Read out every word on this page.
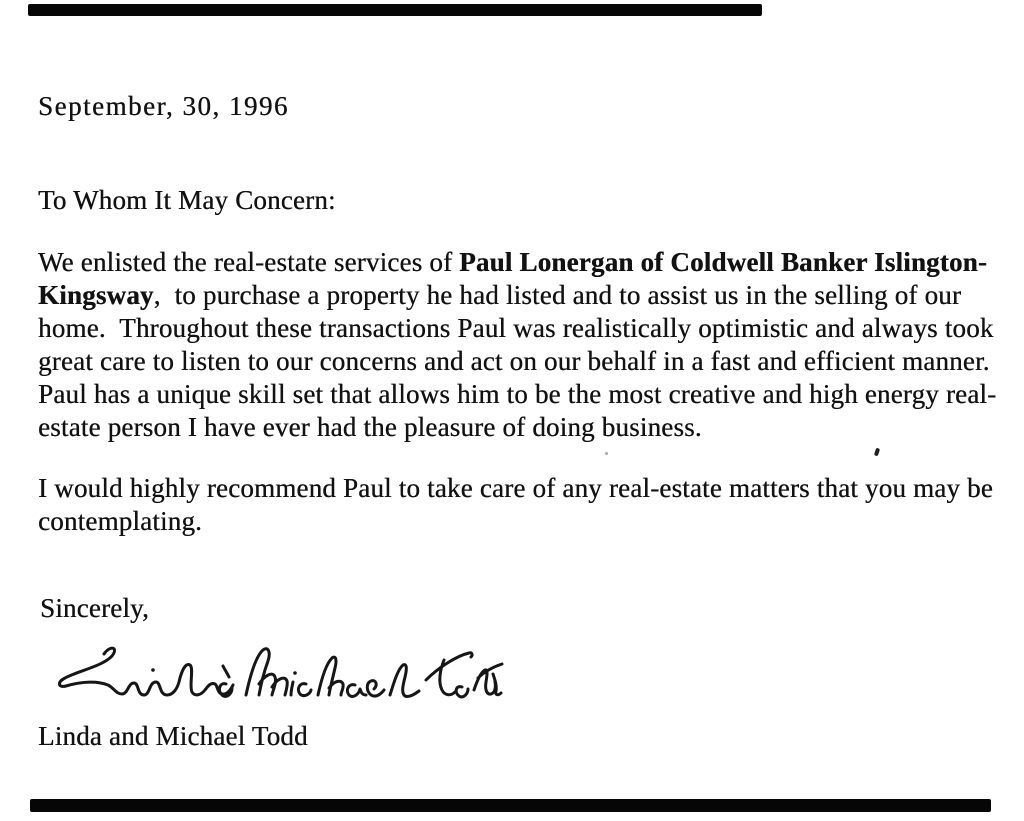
September, 30, 1996
To Whom It May Concern:
We enlisted the real-estate services of Paul Lonergan of Coldwell Banker Islington-
Kingsway,  to purchase a property he had listed and to assist us in the selling of our
home.  Throughout these transactions Paul was realistically optimistic and always took
great care to listen to our concerns and act on our behalf in a fast and efficient manner.
Paul has a unique skill set that allows him to be the most creative and high energy real-
estate person I have ever had the pleasure of doing business.
I would highly recommend Paul to take care of any real-estate matters that you may be
contemplating.
Sincerely,
Linda and Michael Todd
